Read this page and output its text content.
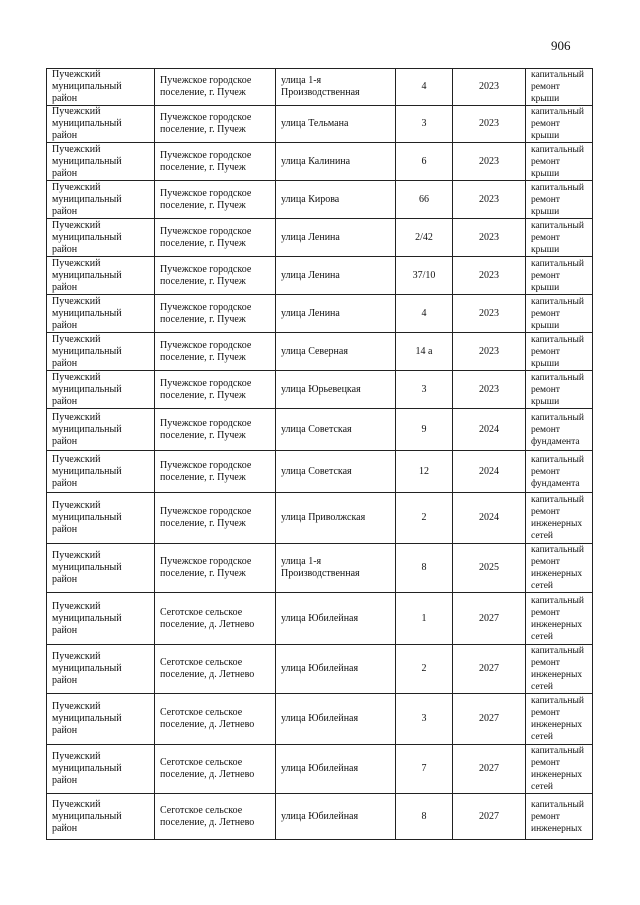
906
Пучежский муниципальный район	Пучежское городское поселение, г. Пучеж	улица 1-я Производственная	4	2023	капитальный ремонт крыши
Пучежский муниципальный район	Пучежское городское поселение, г. Пучеж	улица Тельмана	3	2023	капитальный ремонт крыши
Пучежский муниципальный район	Пучежское городское поселение, г. Пучеж	улица Калинина	6	2023	капитальный ремонт крыши
Пучежский муниципальный район	Пучежское городское поселение, г. Пучеж	улица Кирова	66	2023	капитальный ремонт крыши
Пучежский муниципальный район	Пучежское городское поселение, г. Пучеж	улица Ленина	2/42	2023	капитальный ремонт крыши
Пучежский муниципальный район	Пучежское городское поселение, г. Пучеж	улица Ленина	37/10	2023	капитальный ремонт крыши
Пучежский муниципальный район	Пучежское городское поселение, г. Пучеж	улица Ленина	4	2023	капитальный ремонт крыши
Пучежский муниципальный район	Пучежское городское поселение, г. Пучеж	улица Северная	14 а	2023	капитальный ремонт крыши
Пучежский муниципальный район	Пучежское городское поселение, г. Пучеж	улица Юрьевецкая	3	2023	капитальный ремонт крыши
Пучежский муниципальный район	Пучежское городское поселение, г. Пучеж	улица Советская	9	2024	капитальный ремонт фундамента
Пучежский муниципальный район	Пучежское городское поселение, г. Пучеж	улица Советская	12	2024	капитальный ремонт фундамента
Пучежский муниципальный район	Пучежское городское поселение, г. Пучеж	улица Приволжская	2	2024	капитальный ремонт инженерных сетей
Пучежский муниципальный район	Пучежское городское поселение, г. Пучеж	улица 1-я Производственная	8	2025	капитальный ремонт инженерных сетей
Пучежский муниципальный район	Сеготское сельское поселение, д. Летнево	улица Юбилейная	1	2027	капитальный ремонт инженерных сетей
Пучежский муниципальный район	Сеготское сельское поселение, д. Летнево	улица Юбилейная	2	2027	капитальный ремонт инженерных сетей
Пучежский муниципальный район	Сеготское сельское поселение, д. Летнево	улица Юбилейная	3	2027	капитальный ремонт инженерных сетей
Пучежский муниципальный район	Сеготское сельское поселение, д. Летнево	улица Юбилейная	7	2027	капитальный ремонт инженерных сетей
Пучежский муниципальный район	Сеготское сельское поселение, д. Летнево	улица Юбилейная	8	2027	капитальный ремонт инженерных
